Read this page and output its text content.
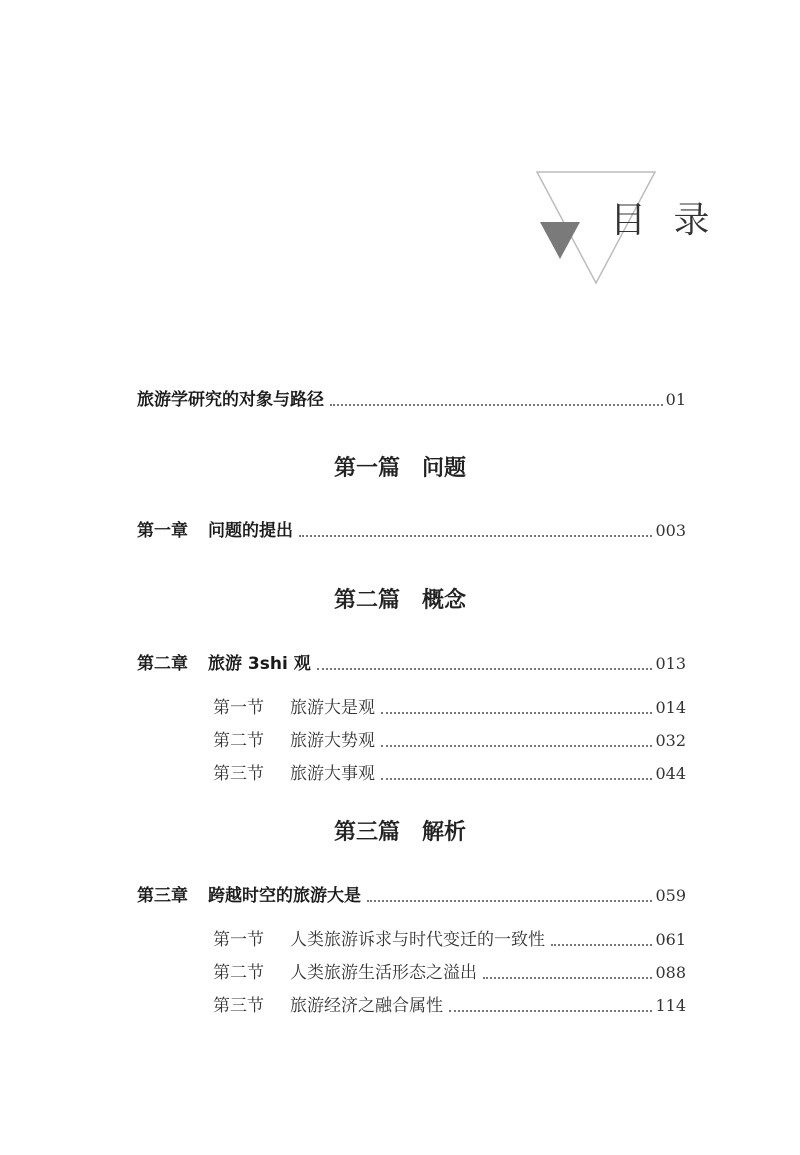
目 录
旅游学研究的对象与路径	01
第一篇 问题
第一章 问题的提出	003
第二篇 概念
第二章 旅游 3shi 观	013
第一节 旅游大是观	014
第二节 旅游大势观	032
第三节 旅游大事观	044
第三篇 解析
第三章 跨越时空的旅游大是	059
第一节 人类旅游诉求与时代变迁的一致性	061
第二节 人类旅游生活形态之溢出	088
第三节 旅游经济之融合属性	114
